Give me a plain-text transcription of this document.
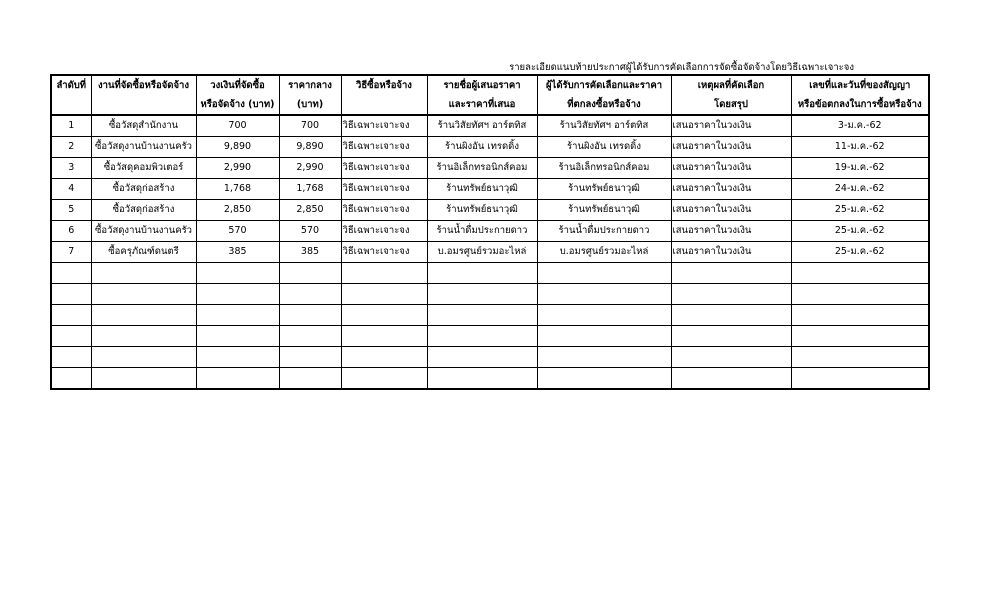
รายละเอียดแนบท้ายประกาศผู้ได้รับการคัดเลือกการจัดซื้อจัดจ้างโดยวิธีเฉพาะเจาะจง
ลำดับที่	งานที่จัดซื้อหรือจัดจ้าง	วงเงินที่จัดซื้อ	ราคากลาง	วิธีซื้อหรือจ้าง	รายชื่อผู้เสนอราคา	ผู้ได้รับการคัดเลือกและราคา	เหตุผลที่คัดเลือก	เลขที่และวันที่ของสัญญา
		หรือจัดจ้าง (บาท)	(บาท)		และราคาที่เสนอ	ที่ตกลงซื้อหรือจ้าง	โดยสรุป	หรือข้อตกลงในการซื้อหรือจ้าง
1	ซื้อวัสดุสำนักงาน	700	700	วิธีเฉพาะเจาะจง	ร้านวิสัยทัศฯ อาร์ตทิส	ร้านวิสัยทัศฯ อาร์ตทิส	เสนอราคาในวงเงิน	3-ม.ค.-62
2	ซื้อวัสดุงานบ้านงานครัว	9,890	9,890	วิธีเฉพาะเจาะจง	ร้านผิงอัน เทรดดิ้ง	ร้านผิงอัน เทรดดิ้ง	เสนอราคาในวงเงิน	11-ม.ค.-62
3	ซื้อวัสดุคอมพิวเตอร์	2,990	2,990	วิธีเฉพาะเจาะจง	ร้านอิเล็กทรอนิกส์คอม	ร้านอิเล็กทรอนิกส์คอม	เสนอราคาในวงเงิน	19-ม.ค.-62
4	ซื้อวัสดุก่อสร้าง	1,768	1,768	วิธีเฉพาะเจาะจง	ร้านทรัพย์ธนาวุฒิ	ร้านทรัพย์ธนาวุฒิ	เสนอราคาในวงเงิน	24-ม.ค.-62
5	ซื้อวัสดุก่อสร้าง	2,850	2,850	วิธีเฉพาะเจาะจง	ร้านทรัพย์ธนาวุฒิ	ร้านทรัพย์ธนาวุฒิ	เสนอราคาในวงเงิน	25-ม.ค.-62
6	ซื้อวัสดุงานบ้านงานครัว	570	570	วิธีเฉพาะเจาะจง	ร้านน้ำดื่มประกายดาว	ร้านน้ำดื่มประกายดาว	เสนอราคาในวงเงิน	25-ม.ค.-62
7	ซื้อครุภัณฑ์ดนตรี	385	385	วิธีเฉพาะเจาะจง	บ.อมรศูนย์รวมอะไหล่	บ.อมรศูนย์รวมอะไหล่	เสนอราคาในวงเงิน	25-ม.ค.-62
